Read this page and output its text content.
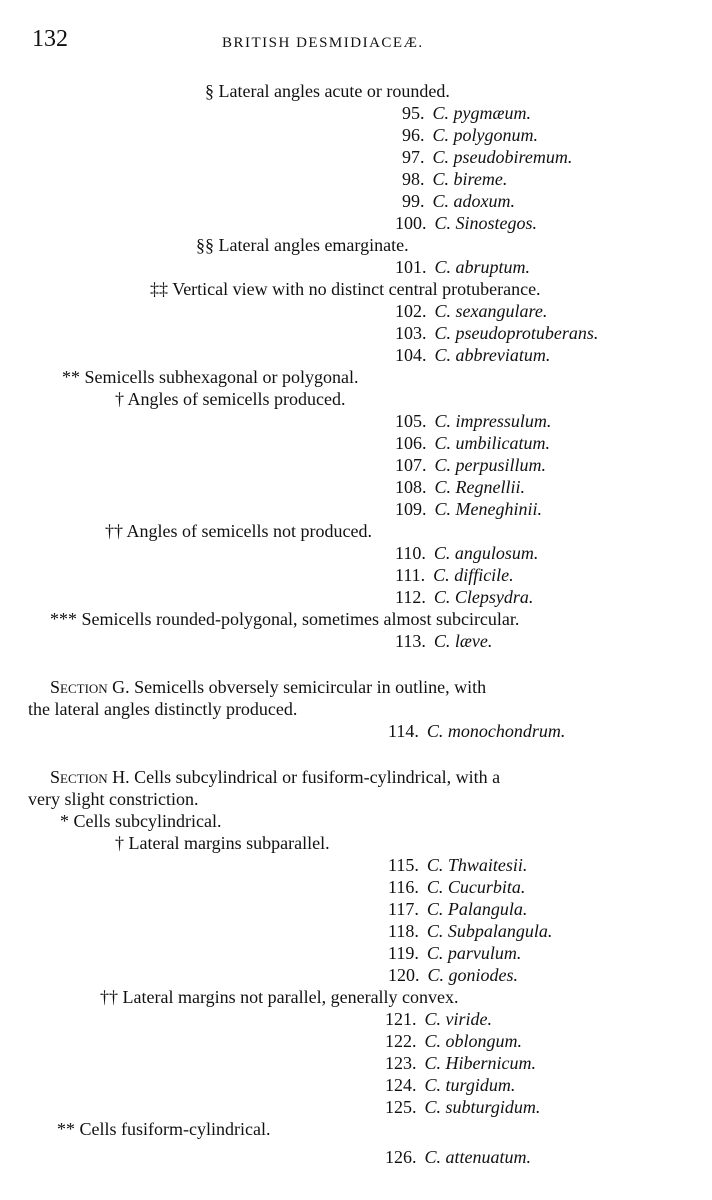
132	BRITISH DESMIDIACEÆ.
§ Lateral angles acute or rounded.
95. C. pygmæum.
96. C. polygonum.
97. C. pseudobiremum.
98. C. bireme.
99. C. adoxum.
100. C. Sinostegos.
§§ Lateral angles emarginate.
101. C. abruptum.
‡‡ Vertical view with no distinct central protuberance.
102. C. sexangulare.
103. C. pseudoprotuberans.
104. C. abbreviatum.
** Semicells subhexagonal or polygonal.
† Angles of semicells produced.
105. C. impressulum.
106. C. umbilicatum.
107. C. perpusillum.
108. C. Regnellii.
109. C. Meneghinii.
†† Angles of semicells not produced.
110. C. angulosum.
111. C. difficile.
112. C. Clepsydra.
*** Semicells rounded-polygonal, sometimes almost subcircular.
113. C. læve.
Section G. Semicells obversely semicircular in outline, with
the lateral angles distinctly produced.
114. C. monochondrum.
Section H. Cells subcylindrical or fusiform-cylindrical, with a
very slight constriction.
* Cells subcylindrical.
† Lateral margins subparallel.
115. C. Thwaitesii.
116. C. Cucurbita.
117. C. Palangula.
118. C. Subpalangula.
119. C. parvulum.
120. C. goniodes.
†† Lateral margins not parallel, generally convex.
121. C. viride.
122. C. oblongum.
123. C. Hibernicum.
124. C. turgidum.
125. C. subturgidum.
** Cells fusiform-cylindrical.
126. C. attenuatum.
